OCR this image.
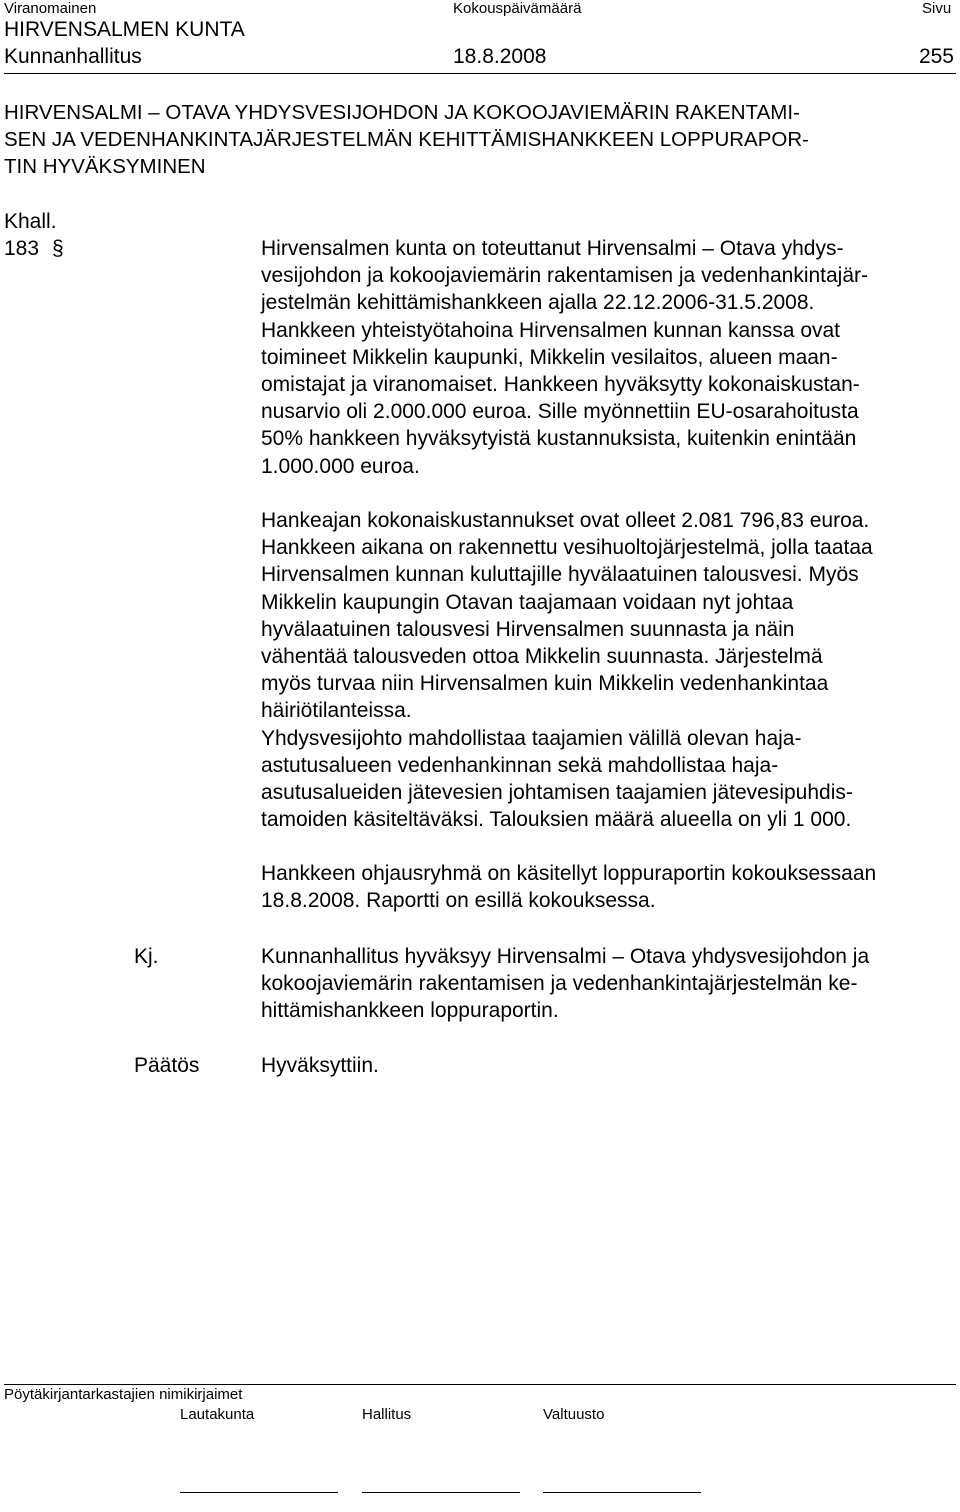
Viranomainen	Kokouspäivämäärä	Sivu
HIRVENSALMEN KUNTA
Kunnanhallitus	18.8.2008	255
HIRVENSALMI – OTAVA YHDYSVESIJOHDON JA KOKOOJAVIEMÄRIN RAKENTAMI-
SEN JA VEDENHANKINTAJÄRJESTELMÄN KEHITTÄMISHANKKEEN LOPPURAPOR-
TIN HYVÄKSYMINEN
Khall.
183 §	Hirvensalmen kunta on toteuttanut Hirvensalmi – Otava yhdys-
vesijohdon ja kokoojaviemärin rakentamisen ja vedenhankintajär-
jestelmän kehittämishankkeen ajalla 22.12.2006-31.5.2008.
Hankkeen yhteistyötahoina Hirvensalmen kunnan kanssa ovat
toimineet Mikkelin kaupunki, Mikkelin vesilaitos, alueen maan-
omistajat ja viranomaiset. Hankkeen hyväksytty kokonaiskustan-
nusarvio oli 2.000.000 euroa. Sille myönnettiin EU-osarahoitusta
50% hankkeen hyväksytyistä kustannuksista, kuitenkin enintään
1.000.000 euroa.
Hankeajan kokonaiskustannukset ovat olleet 2.081 796,83 euroa.
Hankkeen aikana on rakennettu vesihuoltojärjestelmä, jolla taataa
Hirvensalmen kunnan kuluttajille hyvälaatuinen talousvesi. Myös
Mikkelin kaupungin Otavan taajamaan voidaan nyt johtaa
hyvälaatuinen talousvesi Hirvensalmen suunnasta ja näin
vähentää talousveden ottoa Mikkelin suunnasta. Järjestelmä
myös turvaa niin Hirvensalmen kuin Mikkelin vedenhankintaa
häiriötilanteissa.
Yhdysvesijohto mahdollistaa taajamien välillä olevan haja-
astutusalueen vedenhankinnan sekä mahdollistaa haja-
asutusalueiden jätevesien johtamisen taajamien jätevesipuhdis-
tamoiden käsiteltäväksi. Talouksien määrä alueella on yli 1 000.
Hankkeen ohjausryhmä on käsitellyt loppuraportin kokouksessaan
18.8.2008. Raportti on esillä kokouksessa.
Kj.	Kunnanhallitus hyväksyy Hirvensalmi – Otava yhdysvesijohdon ja
kokoojaviemärin rakentamisen ja vedenhankintajärjestelmän ke-
hittämishankkeen loppuraportin.
Päätös	Hyväksyttiin.
Pöytäkirjantarkastajien nimikirjaimet
Lautakunta	Hallitus	Valtuusto
